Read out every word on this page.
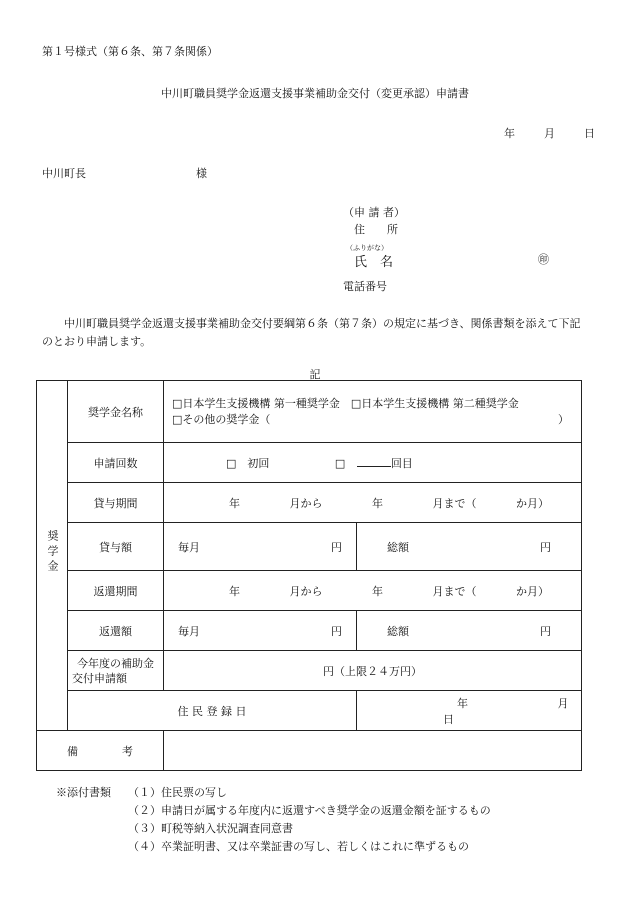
第１号様式（第６条、第７条関係）
中川町職員奨学金返還支援事業補助金交付（変更承認）申請書
年	月	日
中川町長	様
（申 請 者）
住　　所
（ふりがな）
氏　名	㊞
電話番号
中川町職員奨学金返還支援事業補助金交付要綱第６条（第７条）の規定に基づき、関係書類を添えて下記のとおり申請します。
記
奨学金	奨学金名称	□日本学生支援機構 第一種奨学金　□日本学生支援機構 第二種奨学金
□その他の奨学金（ ）	

	申請回数	□　初回 □ 回目	
	貸与期間	年 月から 年 月まで（ か月）	
	貸与額	毎月 円	総額 円

	返還期間	年 月から 年 月まで（ か月）	
	返還額	毎月 円	総額 円

	今年度の補助金
交付申請額	円（上限２４万円）	
	住 民 登 録 日		年 月 日
備　　　　考			
※添付書類	（１）住民票の写し
（２）申請日が属する年度内に返還すべき奨学金の返還金額を証するもの
（３）町税等納入状況調査同意書
（４）卒業証明書、又は卒業証書の写し、若しくはこれに準ずるもの
